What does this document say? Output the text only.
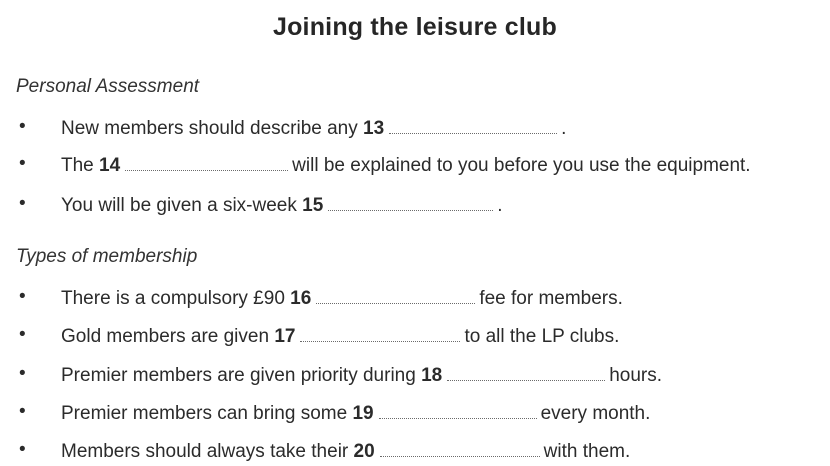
Joining the leisure club
Personal Assessment
• New members should describe any 13	.
• The 14	will be explained to you before you use the equipment.
• You will be given a six-week 15	.
Types of membership
• There is a compulsory £90 16	fee for members.
• Gold members are given 17	to all the LP clubs.
• Premier members are given priority during 18	hours.
• Premier members can bring some 19	every month.
• Members should always take their 20	with them.
